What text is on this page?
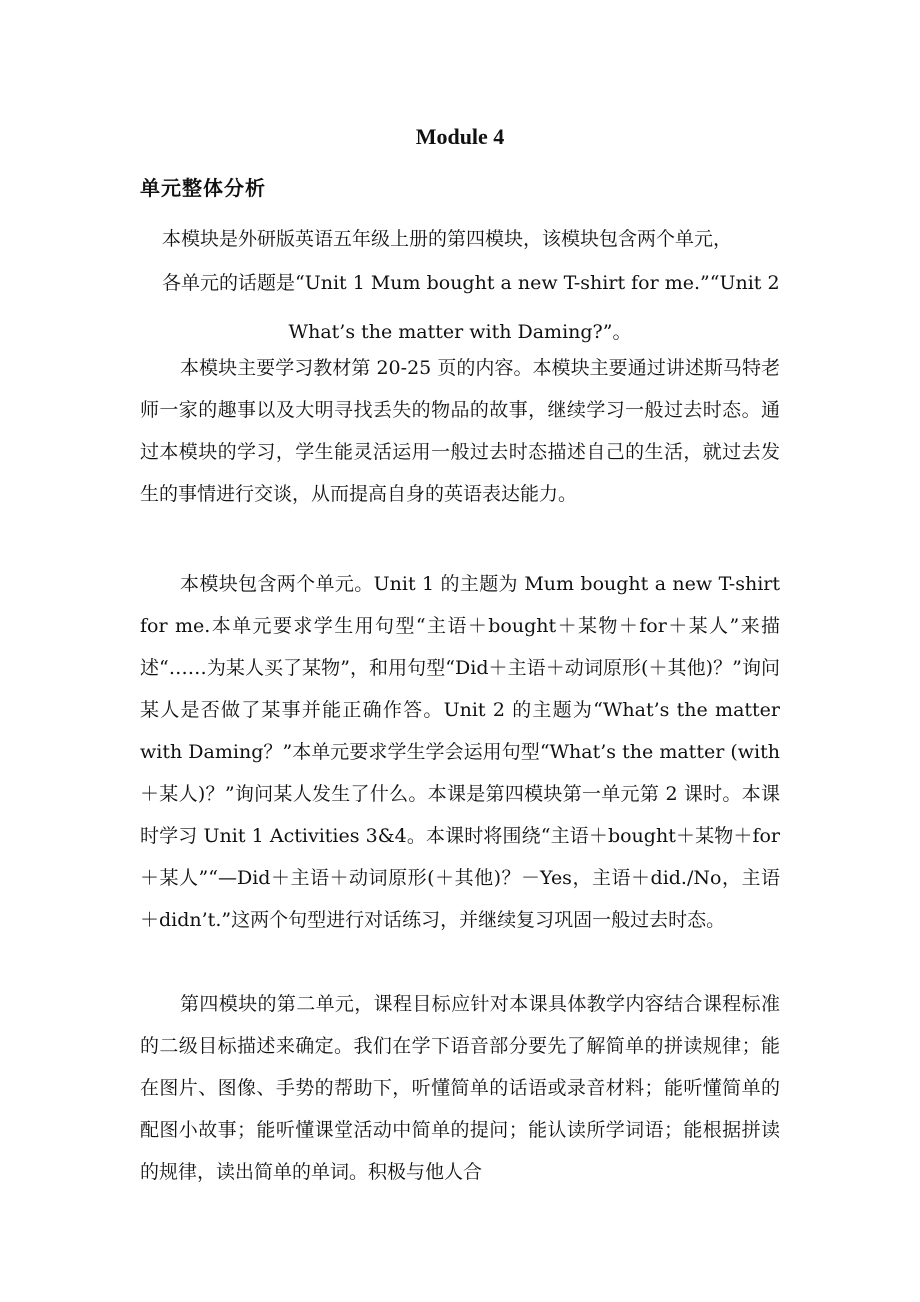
Module 4
单元整体分析
本模块是外研版英语五年级上册的第四模块，该模块包含两个单元，
各单元的话题是“Unit 1 Mum bought a new T-shirt for me.”“Unit 2
What’s the matter with Daming?”。

本模块主要学习教材第 20-25 页的内容。本模块主要通过讲述斯马特老师一家的趣事以及大明寻找丢失的物品的故事，继续学习一般过去时态。通过本模块的学习，学生能灵活运用一般过去时态描述自己的生活，就过去发生的事情进行交谈，从而提高自身的英语表达能力。

本模块包含两个单元。Unit 1 的主题为 Mum bought a new T-shirt for me.本单元要求学生用句型“主语＋bought＋某物＋for＋某人”来描述“……为某人买了某物”，和用句型“Did＋主语＋动词原形(＋其他)？”询问某人是否做了某事并能正确作答。Unit 2 的主题为“What’s the matter with Daming？”本单元要求学生学会运用句型“What’s the matter (with＋某人)？”询问某人发生了什么。本课是第四模块第一单元第 2 课时。本课时学习 Unit 1 Activities 3&4。本课时将围绕“主语＋bought＋某物＋for＋某人”“—Did＋主语＋动词原形(＋其他)？－Yes，主语＋did./No，主语＋didn’t.”这两个句型进行对话练习，并继续复习巩固一般过去时态。

第四模块的第二单元，课程目标应针对本课具体教学内容结合课程标准的二级目标描述来确定。我们在学下语音部分要先了解简单的拼读规律；能在图片、图像、手势的帮助下，听懂简单的话语或录音材料；能听懂简单的配图小故事；能听懂课堂活动中简单的提问；能认读所学词语；能根据拼读的规律，读出简单的单词。积极与他人合
